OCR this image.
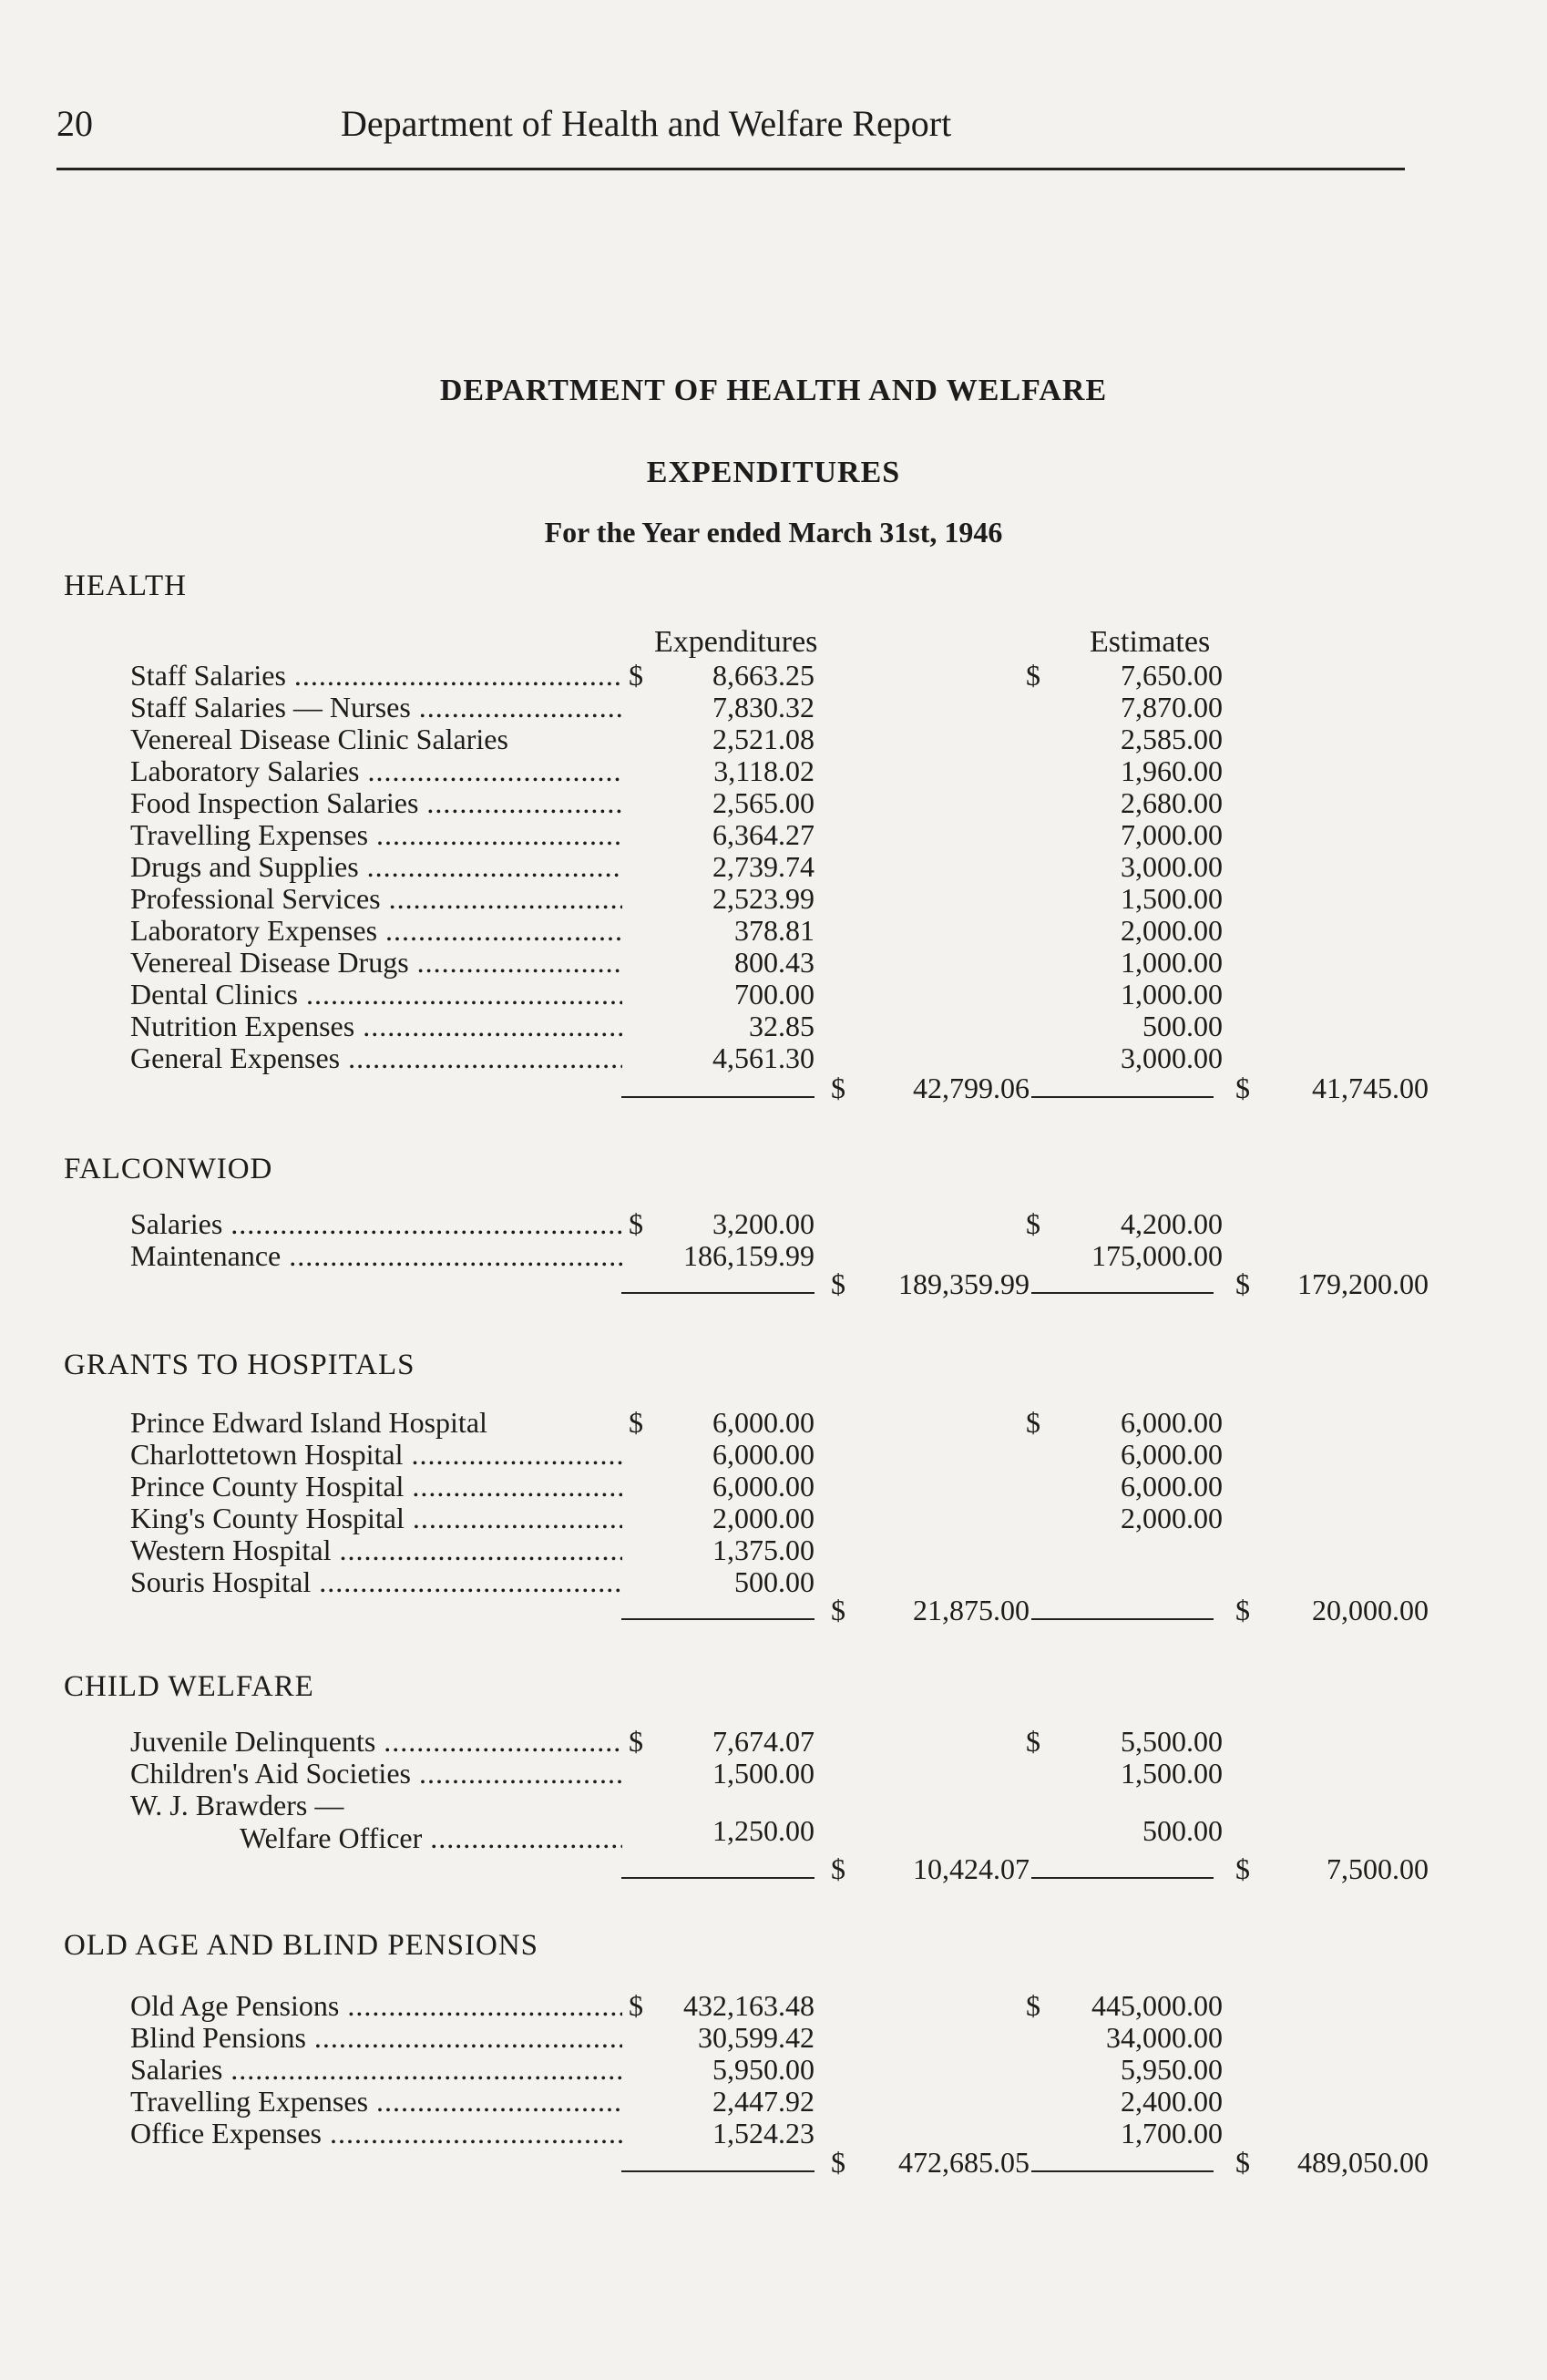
20	Department of Health and Welfare Report
DEPARTMENT OF HEALTH AND WELFARE
EXPENDITURES
For the Year ended March 31st, 1946
HEALTH
Expenditures	Estimates
Staff Salaries .....	$	8,663.25	$	7,650.00
Staff Salaries — Nurses .....	7,830.32	7,870.00
Venereal Disease Clinic Salaries	2,521.08	2,585.00
Laboratory Salaries .....	3,118.02	1,960.00
Food Inspection Salaries .....	2,565.00	2,680.00
Travelling Expenses .....	6,364.27	7,000.00
Drugs and Supplies .....	2,739.74	3,000.00
Professional Services .....	2,523.99	1,500.00
Laboratory Expenses .....	378.81	2,000.00
Venereal Disease Drugs .....	800.43	1,000.00
Dental Clinics .....	700.00	1,000.00
Nutrition Expenses .....	32.85	500.00
General Expenses .....	4,561.30	3,000.00
$	42,799.06	$	41,745.00
FALCONWIOD
Salaries .....	$	3,200.00	$	4,200.00
Maintenance .....	186,159.99	175,000.00
$	189,359.99	$	179,200.00
GRANTS TO HOSPITALS
Prince Edward Island Hospital	$	6,000.00	$	6,000.00
Charlottetown Hospital .....	6,000.00	6,000.00
Prince County Hospital .....	6,000.00	6,000.00
King's County Hospital .....	2,000.00	2,000.00
Western Hospital .....	1,375.00
Souris Hospital .....	500.00
$	21,875.00	$	20,000.00
CHILD WELFARE
Juvenile Delinquents .....	$	7,674.07	$	5,500.00
Children's Aid Societies .....	1,500.00	1,500.00
W. J. Brawders —
Welfare Officer .....	1,250.00	500.00
$	10,424.07	$	7,500.00
OLD AGE AND BLIND PENSIONS
Old Age Pensions .....	$	432,163.48	$	445,000.00
Blind Pensions .....	30,599.42	34,000.00
Salaries .....	5,950.00	5,950.00
Travelling Expenses .....	2,447.92	2,400.00
Office Expenses .....	1,524.23	1,700.00
$	472,685.05	$	489,050.00
